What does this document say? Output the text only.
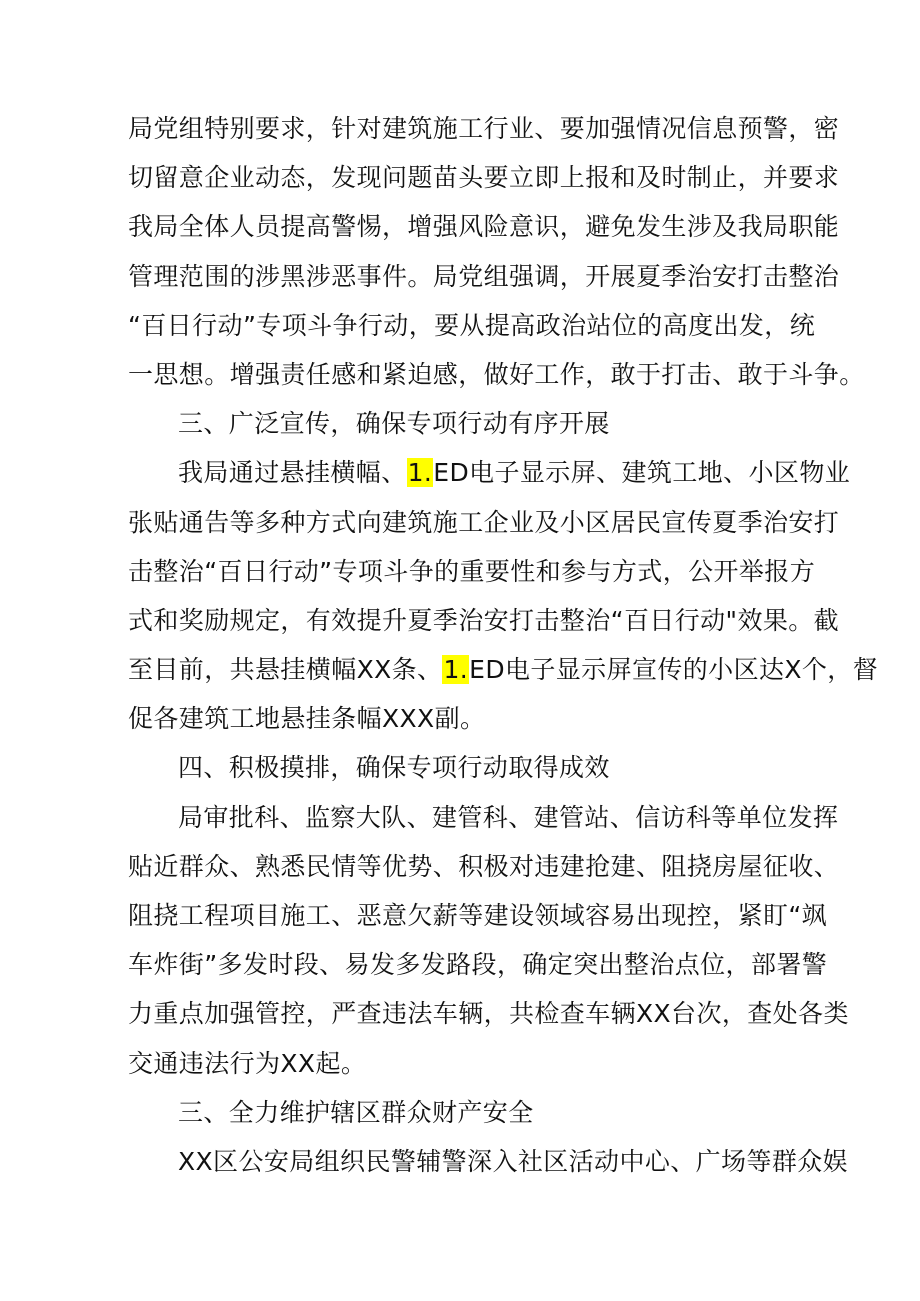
局党组特别要求，针对建筑施工行业、要加强情况信息预警，密
切留意企业动态，发现问题苗头要立即上报和及时制止，并要求
我局全体人员提高警惕，增强风险意识，避免发生涉及我局职能
管理范围的涉黑涉恶事件。局党组强调，开展夏季治安打击整治
“百日行动”专项斗争行动，要从提高政治站位的高度出发，统
一思想。增强责任感和紧迫感，做好工作，敢于打击、敢于斗争。
三、广泛宣传，确保专项行动有序开展
我局通过悬挂横幅、1.ED电子显示屏、建筑工地、小区物业
张贴通告等多种方式向建筑施工企业及小区居民宣传夏季治安打
击整治“百日行动”专项斗争的重要性和参与方式，公开举报方
式和奖励规定，有效提升夏季治安打击整治“百日行动"效果。截
至目前，共悬挂横幅XX条、1.ED电子显示屏宣传的小区达X个，督
促各建筑工地悬挂条幅XXX副。
四、积极摸排，确保专项行动取得成效
局审批科、监察大队、建管科、建管站、信访科等单位发挥
贴近群众、熟悉民情等优势、积极对违建抢建、阻挠房屋征收、
阻挠工程项目施工、恶意欠薪等建设领域容易出现控，紧盯“飒
车炸街”多发时段、易发多发路段，确定突出整治点位，部署警
力重点加强管控，严查违法车辆，共检查车辆XX台次，查处各类
交通违法行为XX起。
三、全力维护辖区群众财产安全
XX区公安局组织民警辅警深入社区活动中心、广场等群众娱
